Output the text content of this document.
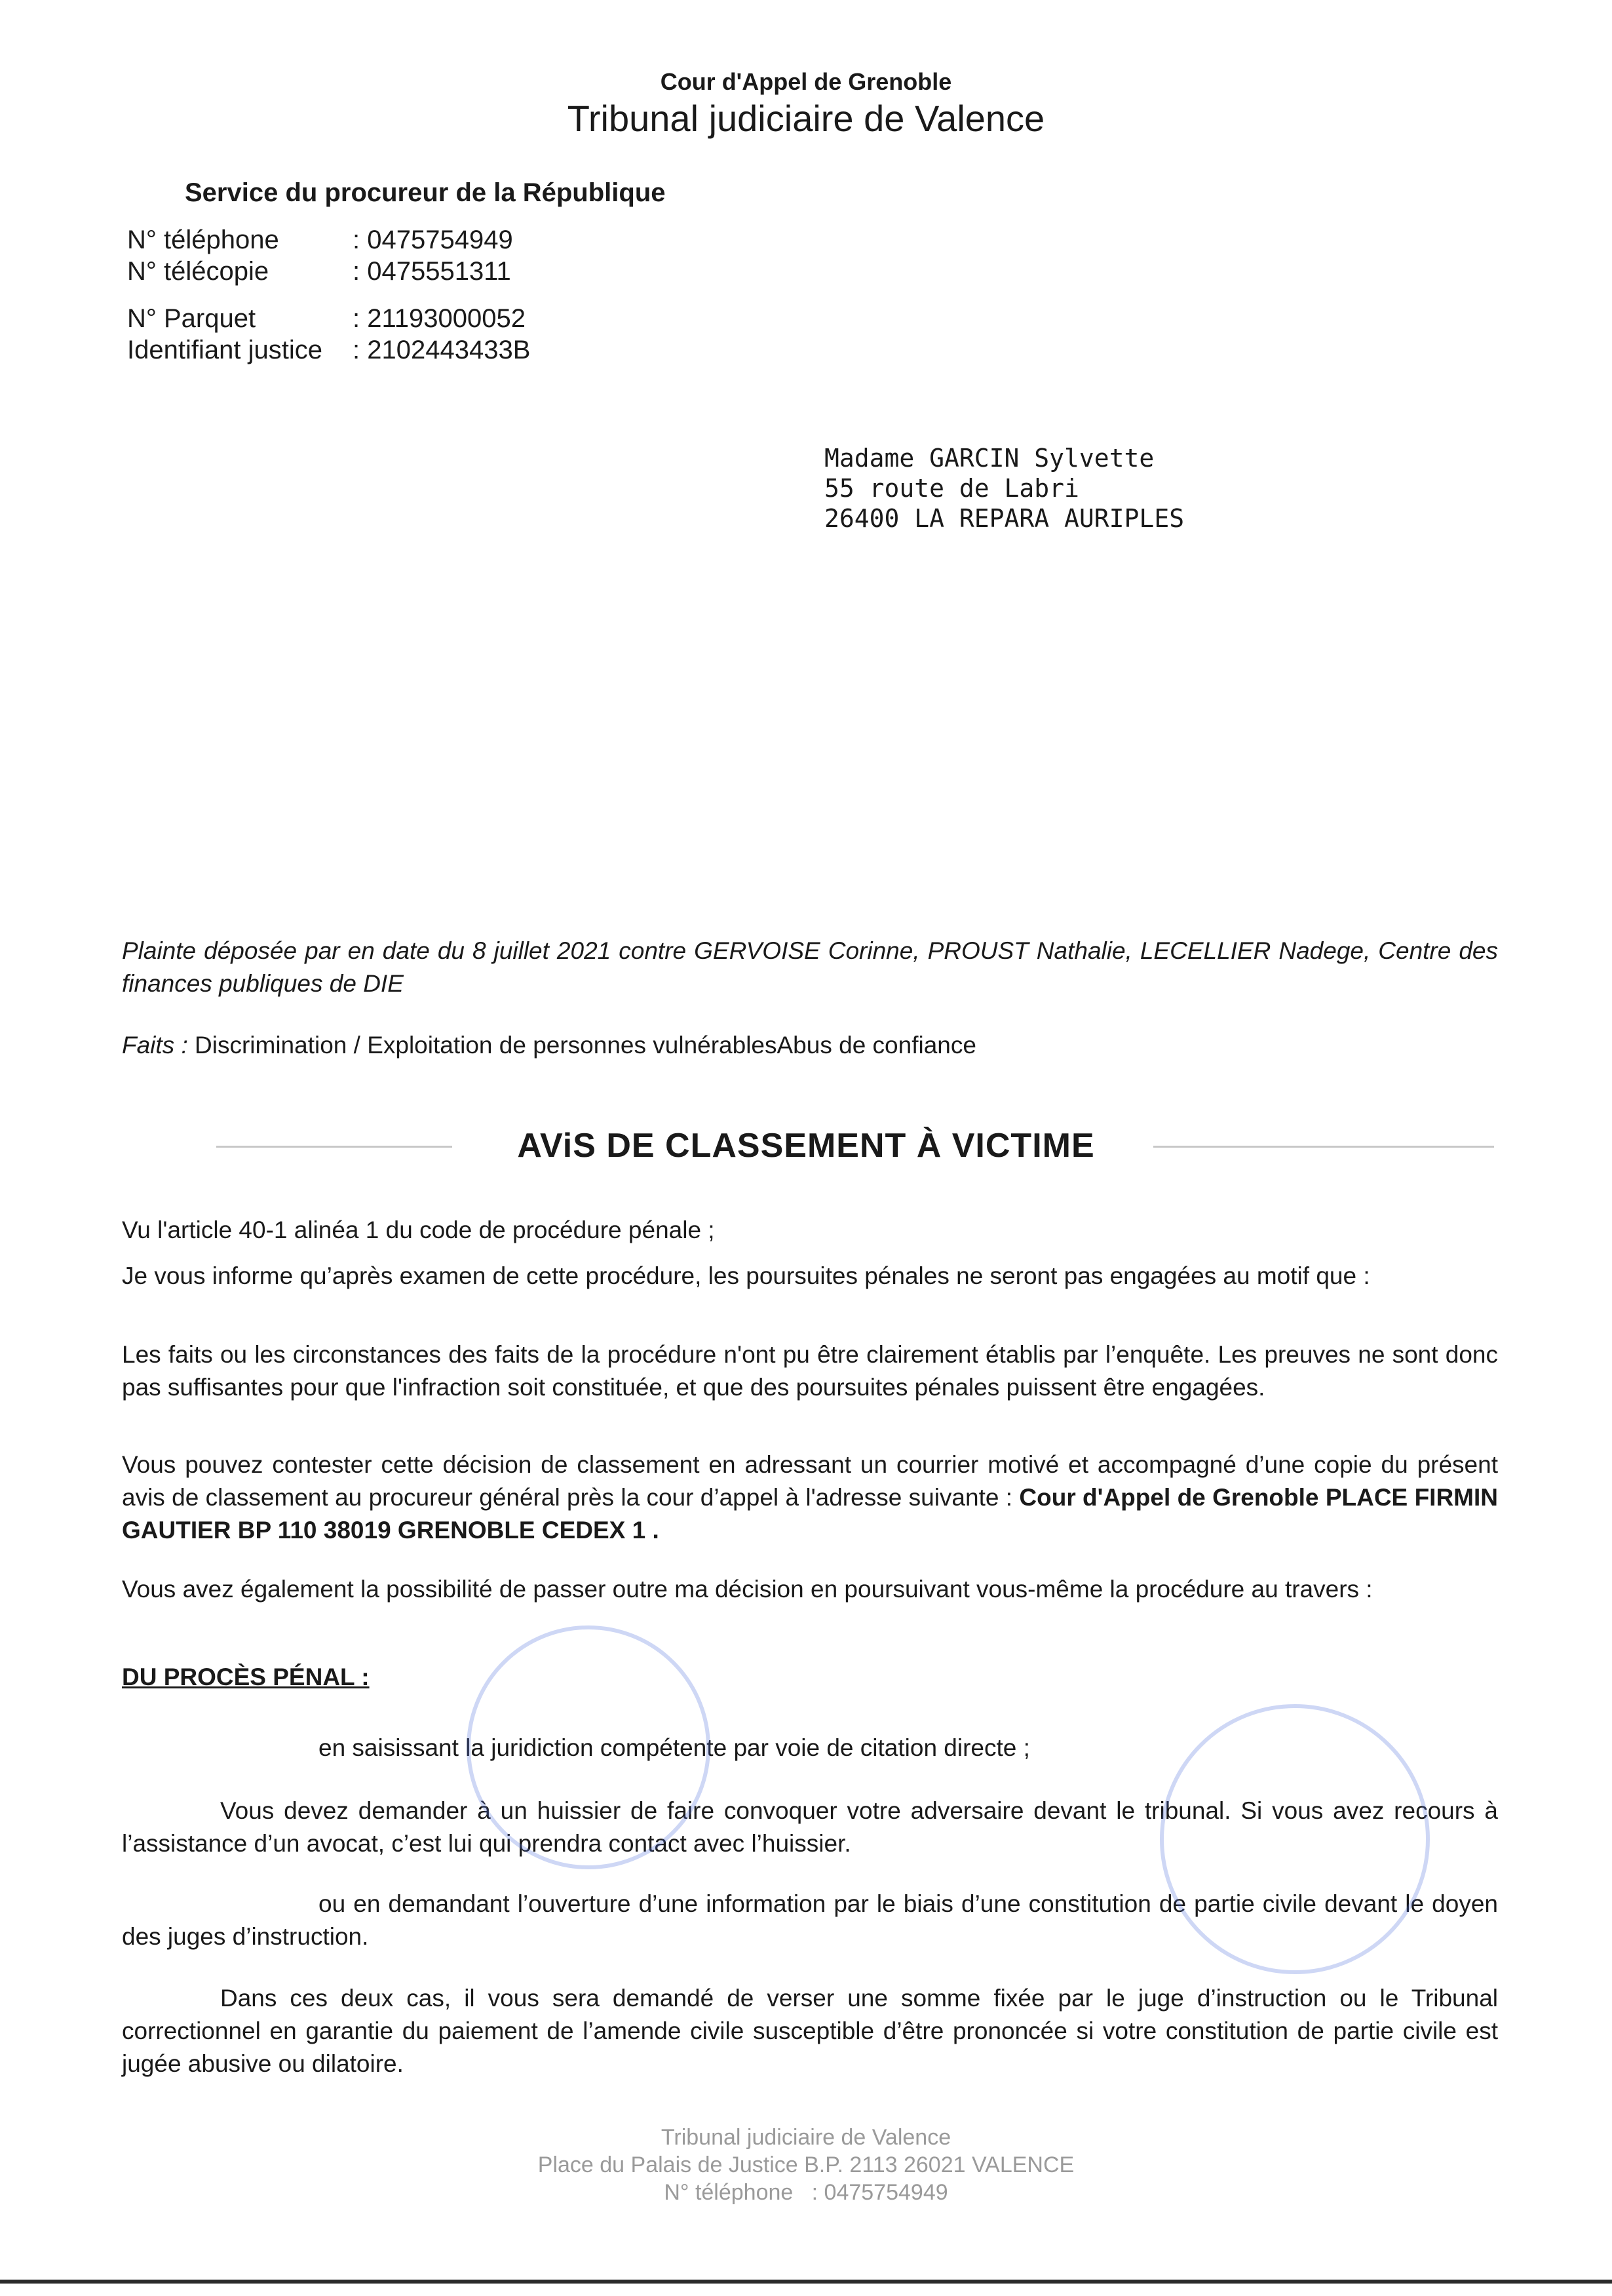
Cour d'Appel de Grenoble
Tribunal judiciaire de Valence
Service du procureur de la République
N° téléphone	: 0475754949
N° télécopie	: 0475551311
N° Parquet	: 21193000052
Identifiant justice : 2102443433B
Madame GARCIN Sylvette
55 route de Labri
26400 LA REPARA AURIPLES
Plainte déposée par en date du 8 juillet 2021 contre GERVOISE Corinne, PROUST Nathalie, LECELLIER Nadege, Centre des finances publiques de DIE
Faits : Discrimination / Exploitation de personnes vulnérablesAbus de confiance
AViS DE CLASSEMENT À VICTIME
Vu l'article 40-1 alinéa 1 du code de procédure pénale ;
Je vous informe qu’après examen de cette procédure, les poursuites pénales ne seront pas engagées au motif que :
Les faits ou les circonstances des faits de la procédure n'ont pu être clairement établis par l’enquête. Les preuves ne sont donc pas suffisantes pour que l'infraction soit constituée, et que des poursuites pénales puissent être engagées.
Vous pouvez contester cette décision de classement en adressant un courrier motivé et accompagné d’une copie du présent avis de classement au procureur général près la cour d’appel à l'adresse suivante : Cour d'Appel de Grenoble PLACE FIRMIN GAUTIER BP 110 38019 GRENOBLE CEDEX 1 .
Vous avez également la possibilité de passer outre ma décision en poursuivant vous-même la procédure au travers :
DU PROCÈS PÉNAL :
en saisissant la juridiction compétente par voie de citation directe ;
Vous devez demander à un huissier de faire convoquer votre adversaire devant le tribunal. Si vous avez recours à l’assistance d’un avocat, c’est lui qui prendra contact avec l’huissier.
ou en demandant l’ouverture d’une information par le biais d’une constitution de partie civile devant le doyen des juges d’instruction.
Dans ces deux cas, il vous sera demandé de verser une somme fixée par le juge d’instruction ou le Tribunal correctionnel en garantie du paiement de l’amende civile susceptible d’être prononcée si votre constitution de partie civile est jugée abusive ou dilatoire.
Tribunal judiciaire de Valence
Place du Palais de Justice B.P. 2113 26021 VALENCE
N° téléphone : 0475754949
